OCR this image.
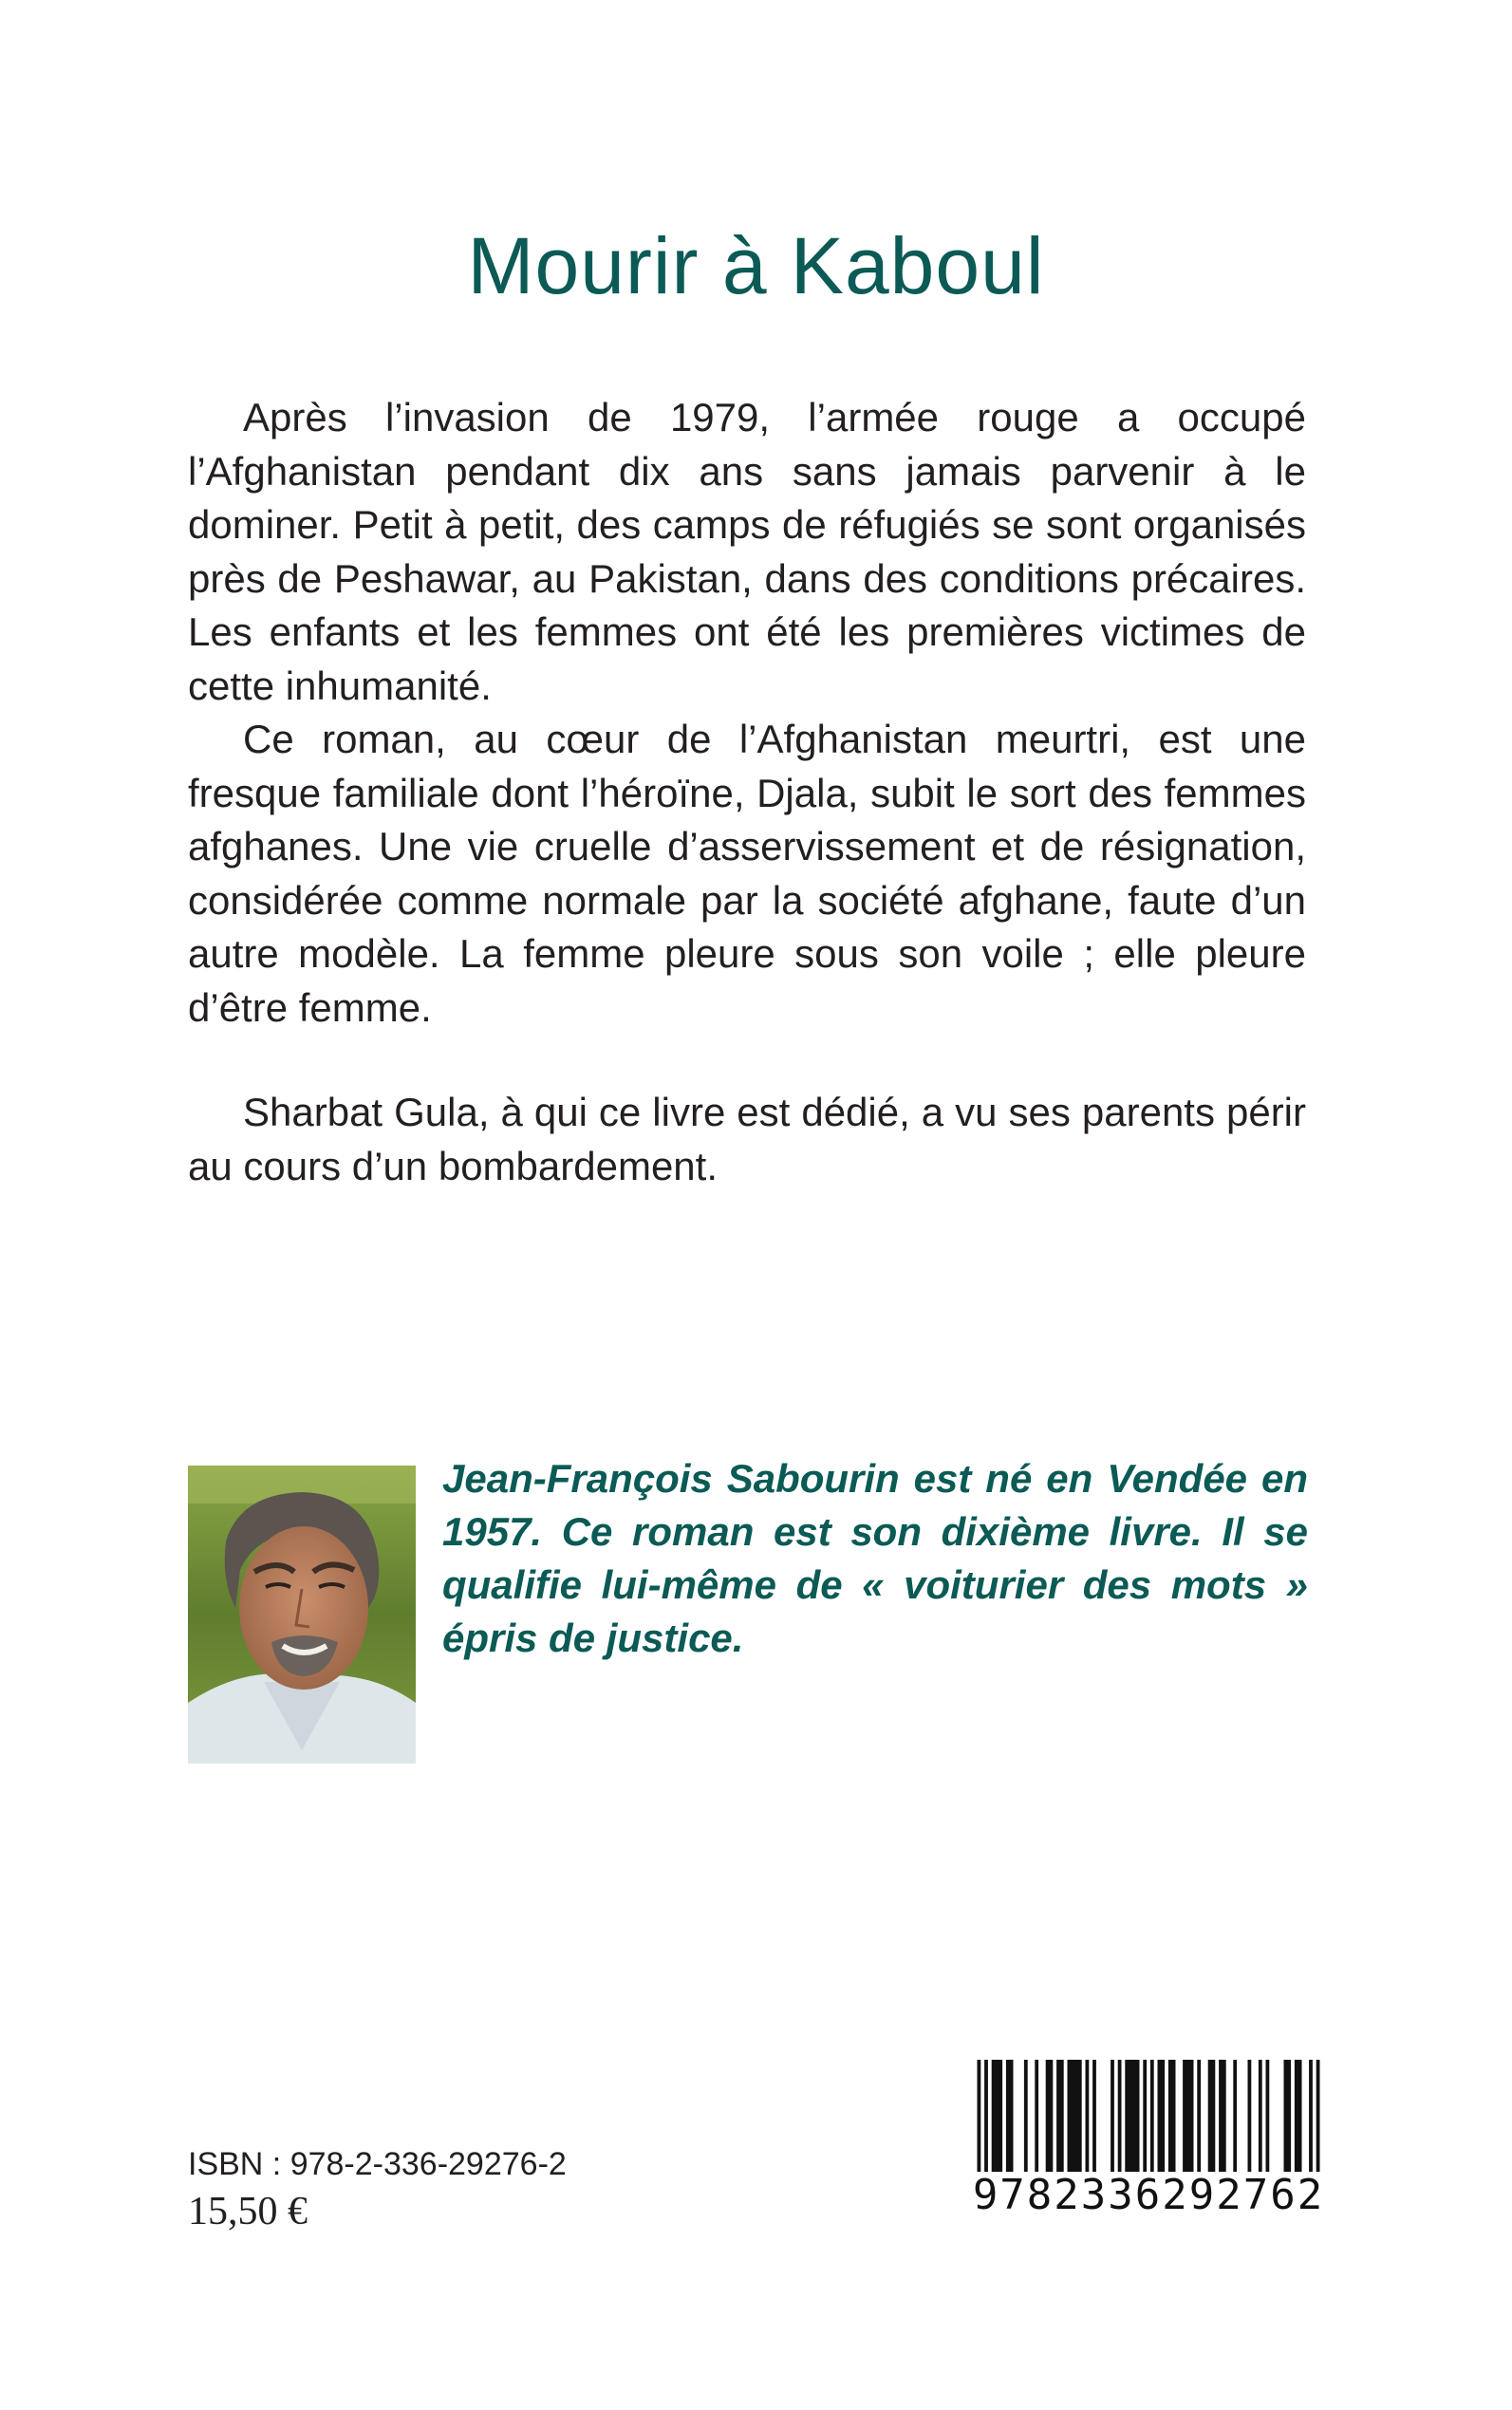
Mourir à Kaboul

Après l’invasion de 1979, l’armée rouge a occupé l’Afghanistan pendant dix ans sans jamais parvenir à le dominer. Petit à petit, des camps de réfugiés se sont organisés près de Peshawar, au Pakistan, dans des conditions précaires. Les enfants et les femmes ont été les premières victimes de cette inhumanité.

Ce roman, au cœur de l’Afghanistan meurtri, est une fresque familiale dont l’héroïne, Djala, subit le sort des femmes afghanes. Une vie cruelle d’asservissement et de résignation, considérée comme normale par la société afghane, faute d’un autre modèle. La femme pleure sous son voile ; elle pleure d’être femme.

Sharbat Gula, à qui ce livre est dédié, a vu ses parents périr au cours d’un bombardement.

Jean-François Sabourin est né en Vendée en 1957. Ce roman est son dixième livre. Il se qualifie lui-même de « voiturier des mots » épris de justice.

ISBN : 978-2-336-29276-2

15,50 €	9782336292762
